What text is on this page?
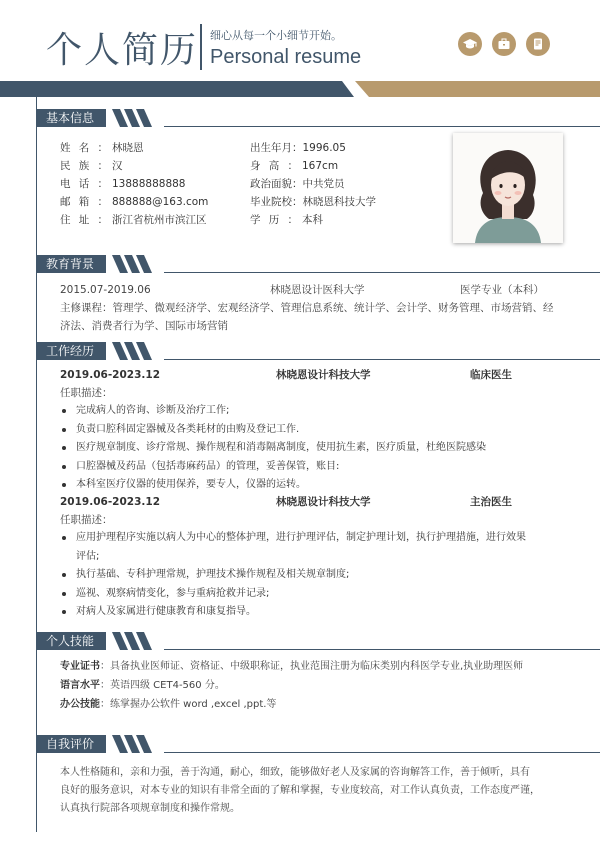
个人简历 细心从每一个小细节开始。
Personal resume
基本信息
姓名： 林晓恩
民族： 汉
电话： 13888888888
邮箱： 888888@163.com
住址： 浙江省杭州市滨江区
出生年月：1996.05
身高： 167cm
政治面貌：中共党员
毕业院校：林晓恩科技大学
学历： 本科
教育背景
2015.07-2019.06	林晓恩设计医科大学	医学专业（本科）
主修课程：管理学、微观经济学、宏观经济学、管理信息系统、统计学、会计学、财务管理、市场营销、经
济法、消费者行为学、国际市场营销
工作经历
2019.06-2023.12	林晓恩设计科技大学	临床医生
任职描述：
完成病人的咨询、诊断及治疗工作;
负责口腔科固定器械及各类耗材的由购及登记工作.
医疗规章制度、诊疗常规、操作规程和消毒隔离制度，使用抗生素，医疗质量，杜绝医院感染
口腔器械及药品（包括毒麻药品）的管理，妥善保管，账目:
本科室医疗仪器的使用保养，要专人，仪器的运转。
2019.06-2023.12	林晓恩设计科技大学	主治医生
任职描述：
应用护理程序实施以病人为中心的整体护理，进行护理评估，制定护理计划，执行护理措施，进行效果
评估;
执行基础、专科护理常规，护理技术操作规程及相关规章制度;
巡视、观察病情变化，参与重病抢救并记录;
对病人及家属进行健康教育和康复指导。
个人技能
专业证书：具备执业医师证、资格证、中级职称证，执业范围注册为临床类别内科医学专业,执业助理医师
语言水平：英语四级 CET4-560 分。
办公技能：练掌握办公软件 word ,excel ,ppt.等
自我评价
本人性格随和，亲和力强，善于沟通，耐心，细致，能够做好老人及家属的咨询解答工作，善于倾听，具有
良好的服务意识，对本专业的知识有非常全面的了解和掌握，专业度较高，对工作认真负责，工作态度严谨，
认真执行院部各项规章制度和操作常规。
